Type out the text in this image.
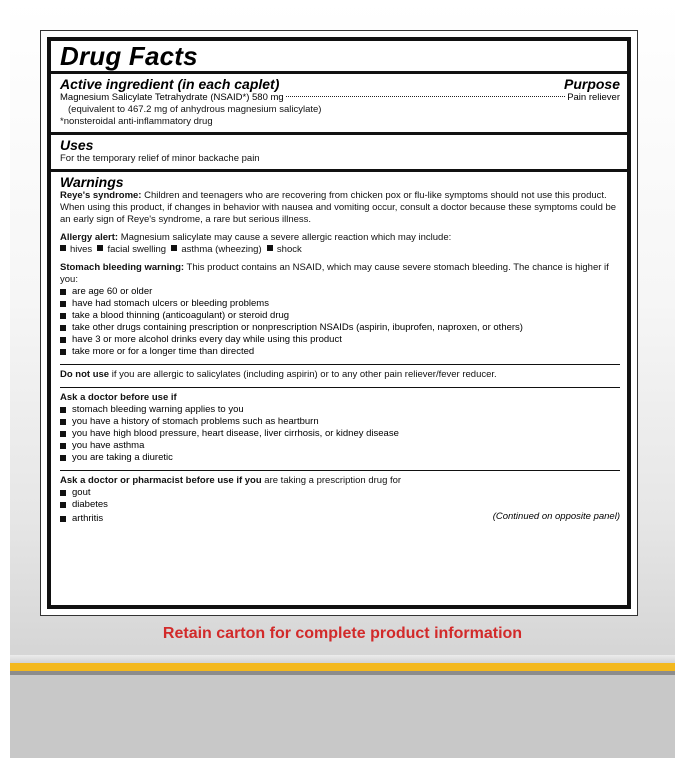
Drug Facts
Active ingredient (in each caplet)	Purpose
Magnesium Salicylate Tetrahydrate (NSAID*) 580 mg	Pain reliever
(equivalent to 467.2 mg of anhydrous magnesium salicylate)
*nonsteroidal anti-inflammatory drug
Uses
For the temporary relief of minor backache pain
Warnings
Reye's syndrome: Children and teenagers who are recovering from chicken pox or flu-like symptoms should not use this product. When using this product, if changes in behavior with nausea and vomiting occur, consult a doctor because these symptoms could be an early sign of Reye's syndrome, a rare but serious illness.
Allergy alert: Magnesium salicylate may cause a severe allergic reaction which may include:
hives facial swelling asthma (wheezing) shock
Stomach bleeding warning: This product contains an NSAID, which may cause severe stomach bleeding. The chance is higher if you:
are age 60 or older
have had stomach ulcers or bleeding problems
take a blood thinning (anticoagulant) or steroid drug
take other drugs containing prescription or nonprescription NSAIDs (aspirin, ibuprofen, naproxen, or others)
have 3 or more alcohol drinks every day while using this product
take more or for a longer time than directed
Do not use if you are allergic to salicylates (including aspirin) or to any other pain reliever/fever reducer.
Ask a doctor before use if
stomach bleeding warning applies to you
you have a history of stomach problems such as heartburn
you have high blood pressure, heart disease, liver cirrhosis, or kidney disease
you have asthma
you are taking a diuretic
Ask a doctor or pharmacist before use if you are taking a prescription drug for
gout
diabetes
arthritis	(Continued on opposite panel)
Retain carton for complete product information
